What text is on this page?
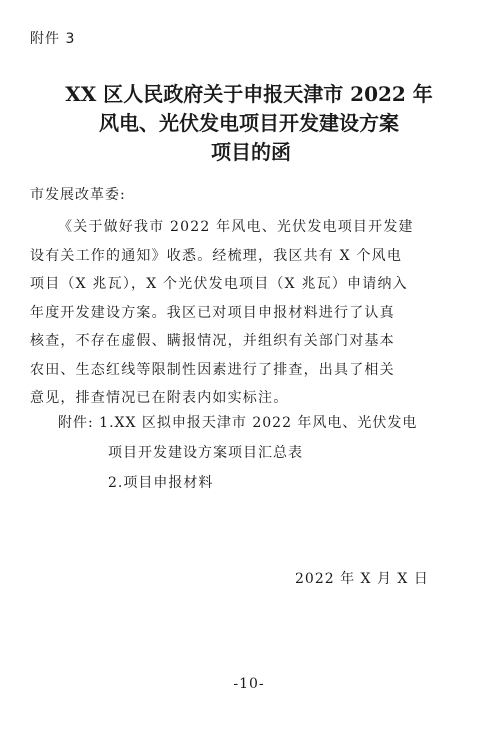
附件 3
XX 区人民政府关于申报天津市 2022 年
风电、光伏发电项目开发建设方案
项目的函
市发展改革委:
《关于做好我市 2022 年风电、光伏发电项目开发建
设有关工作的通知》收悉。经梳理，我区共有 X 个风电
项目（X 兆瓦），X 个光伏发电项目（X 兆瓦）申请纳入
年度开发建设方案。我区已对项目申报材料进行了认真
核查，不存在虚假、瞒报情况，并组织有关部门对基本
农田、生态红线等限制性因素进行了排查，出具了相关
意见，排查情况已在附表内如实标注。
附件: 1.XX 区拟申报天津市 2022 年风电、光伏发电
项目开发建设方案项目汇总表
2.项目申报材料
2022 年 X 月 X 日
-10-
